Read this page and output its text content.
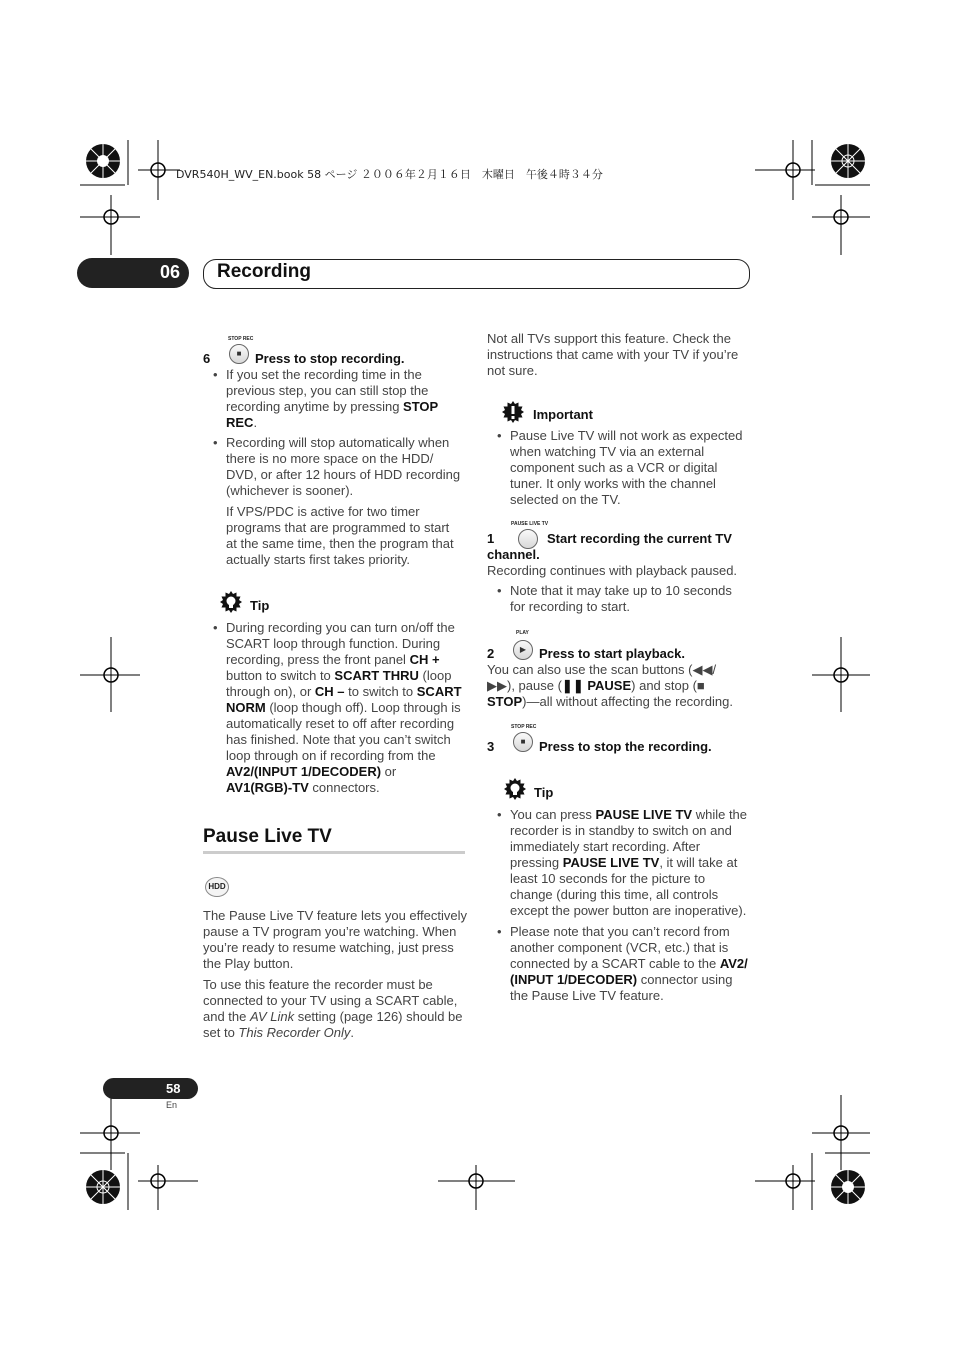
DVR540H_WV_EN.book 58 ページ ２００６年２月１６日　木曜日　午後４時３４分
06 Recording
STOP REC
■
6	Press to stop recording.
• If you set the recording time in the
previous step, you can still stop the
recording anytime by pressing STOP
REC.
• Recording will stop automatically when
there is no more space on the HDD/
DVD, or after 12 hours of HDD recording
(whichever is sooner).
If VPS/PDC is active for two timer
programs that are programmed to start
at the same time, then the program that
actually starts first takes priority.
Tip
• During recording you can turn on/off the
SCART loop through function. During
recording, press the front panel CH +
button to switch to SCART THRU (loop
through on), or CH – to switch to SCART
NORM (loop though off). Loop through is
automatically reset to off after recording
has finished. Note that you can’t switch
loop through on if recording from the
AV2/(INPUT 1/DECODER) or
AV1(RGB)-TV connectors.
Pause Live TV
HDD
The Pause Live TV feature lets you effectively
pause a TV program you’re watching. When
you’re ready to resume watching, just press
the Play button.
To use this feature the recorder must be
connected to your TV using a SCART cable,
and the AV Link setting (page 126) should be
set to This Recorder Only.
Not all TVs support this feature. Check the
instructions that came with your TV if you’re
not sure.
Important
• Pause Live TV will not work as expected
when watching TV via an external
component such as a VCR or digital
tuner. It only works with the channel
selected on the TV.
PAUSE LIVE TV
1	Start recording the current TV
channel.
Recording continues with playback paused.
• Note that it may take up to 10 seconds
for recording to start.
PLAY
▶
2	Press to start playback.
You can also use the scan buttons (◀◀/
▶▶), pause (❚❚ PAUSE) and stop (■
STOP)—all without affecting the recording.
STOP REC
■
3	Press to stop the recording.
Tip
• You can press PAUSE LIVE TV while the
recorder is in standby to switch on and
immediately start recording. After
pressing PAUSE LIVE TV, it will take at
least 10 seconds for the picture to
change (during this time, all controls
except the power button are inoperative).
• Please note that you can’t record from
another component (VCR, etc.) that is
connected by a SCART cable to the AV2/
(INPUT 1/DECODER) connector using
the Pause Live TV feature.
58
En
